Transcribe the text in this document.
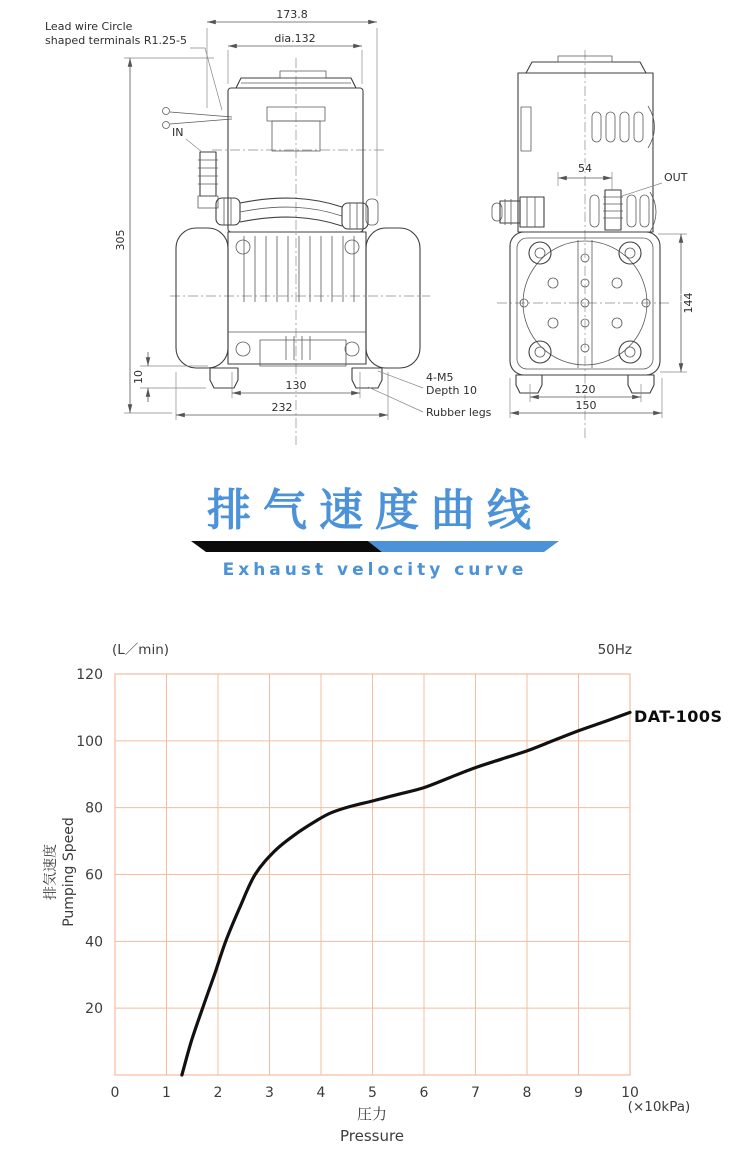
173.8
dia.132
305
10
130
232
54
144
120
150
Lead wire Circle
shaped terminals R1.25-5
IN
OUT
4-M5
Depth 10
Rubber legs
排气速度曲线
Exhaust velocity curve
0	1	2	3	4	5	6	7	8	9	10
20
40
60
80
100
120
(L／min)	50Hz
DAT-100S
排気速度 Pumping Speed
圧力
Pressure
(×10kPa)
